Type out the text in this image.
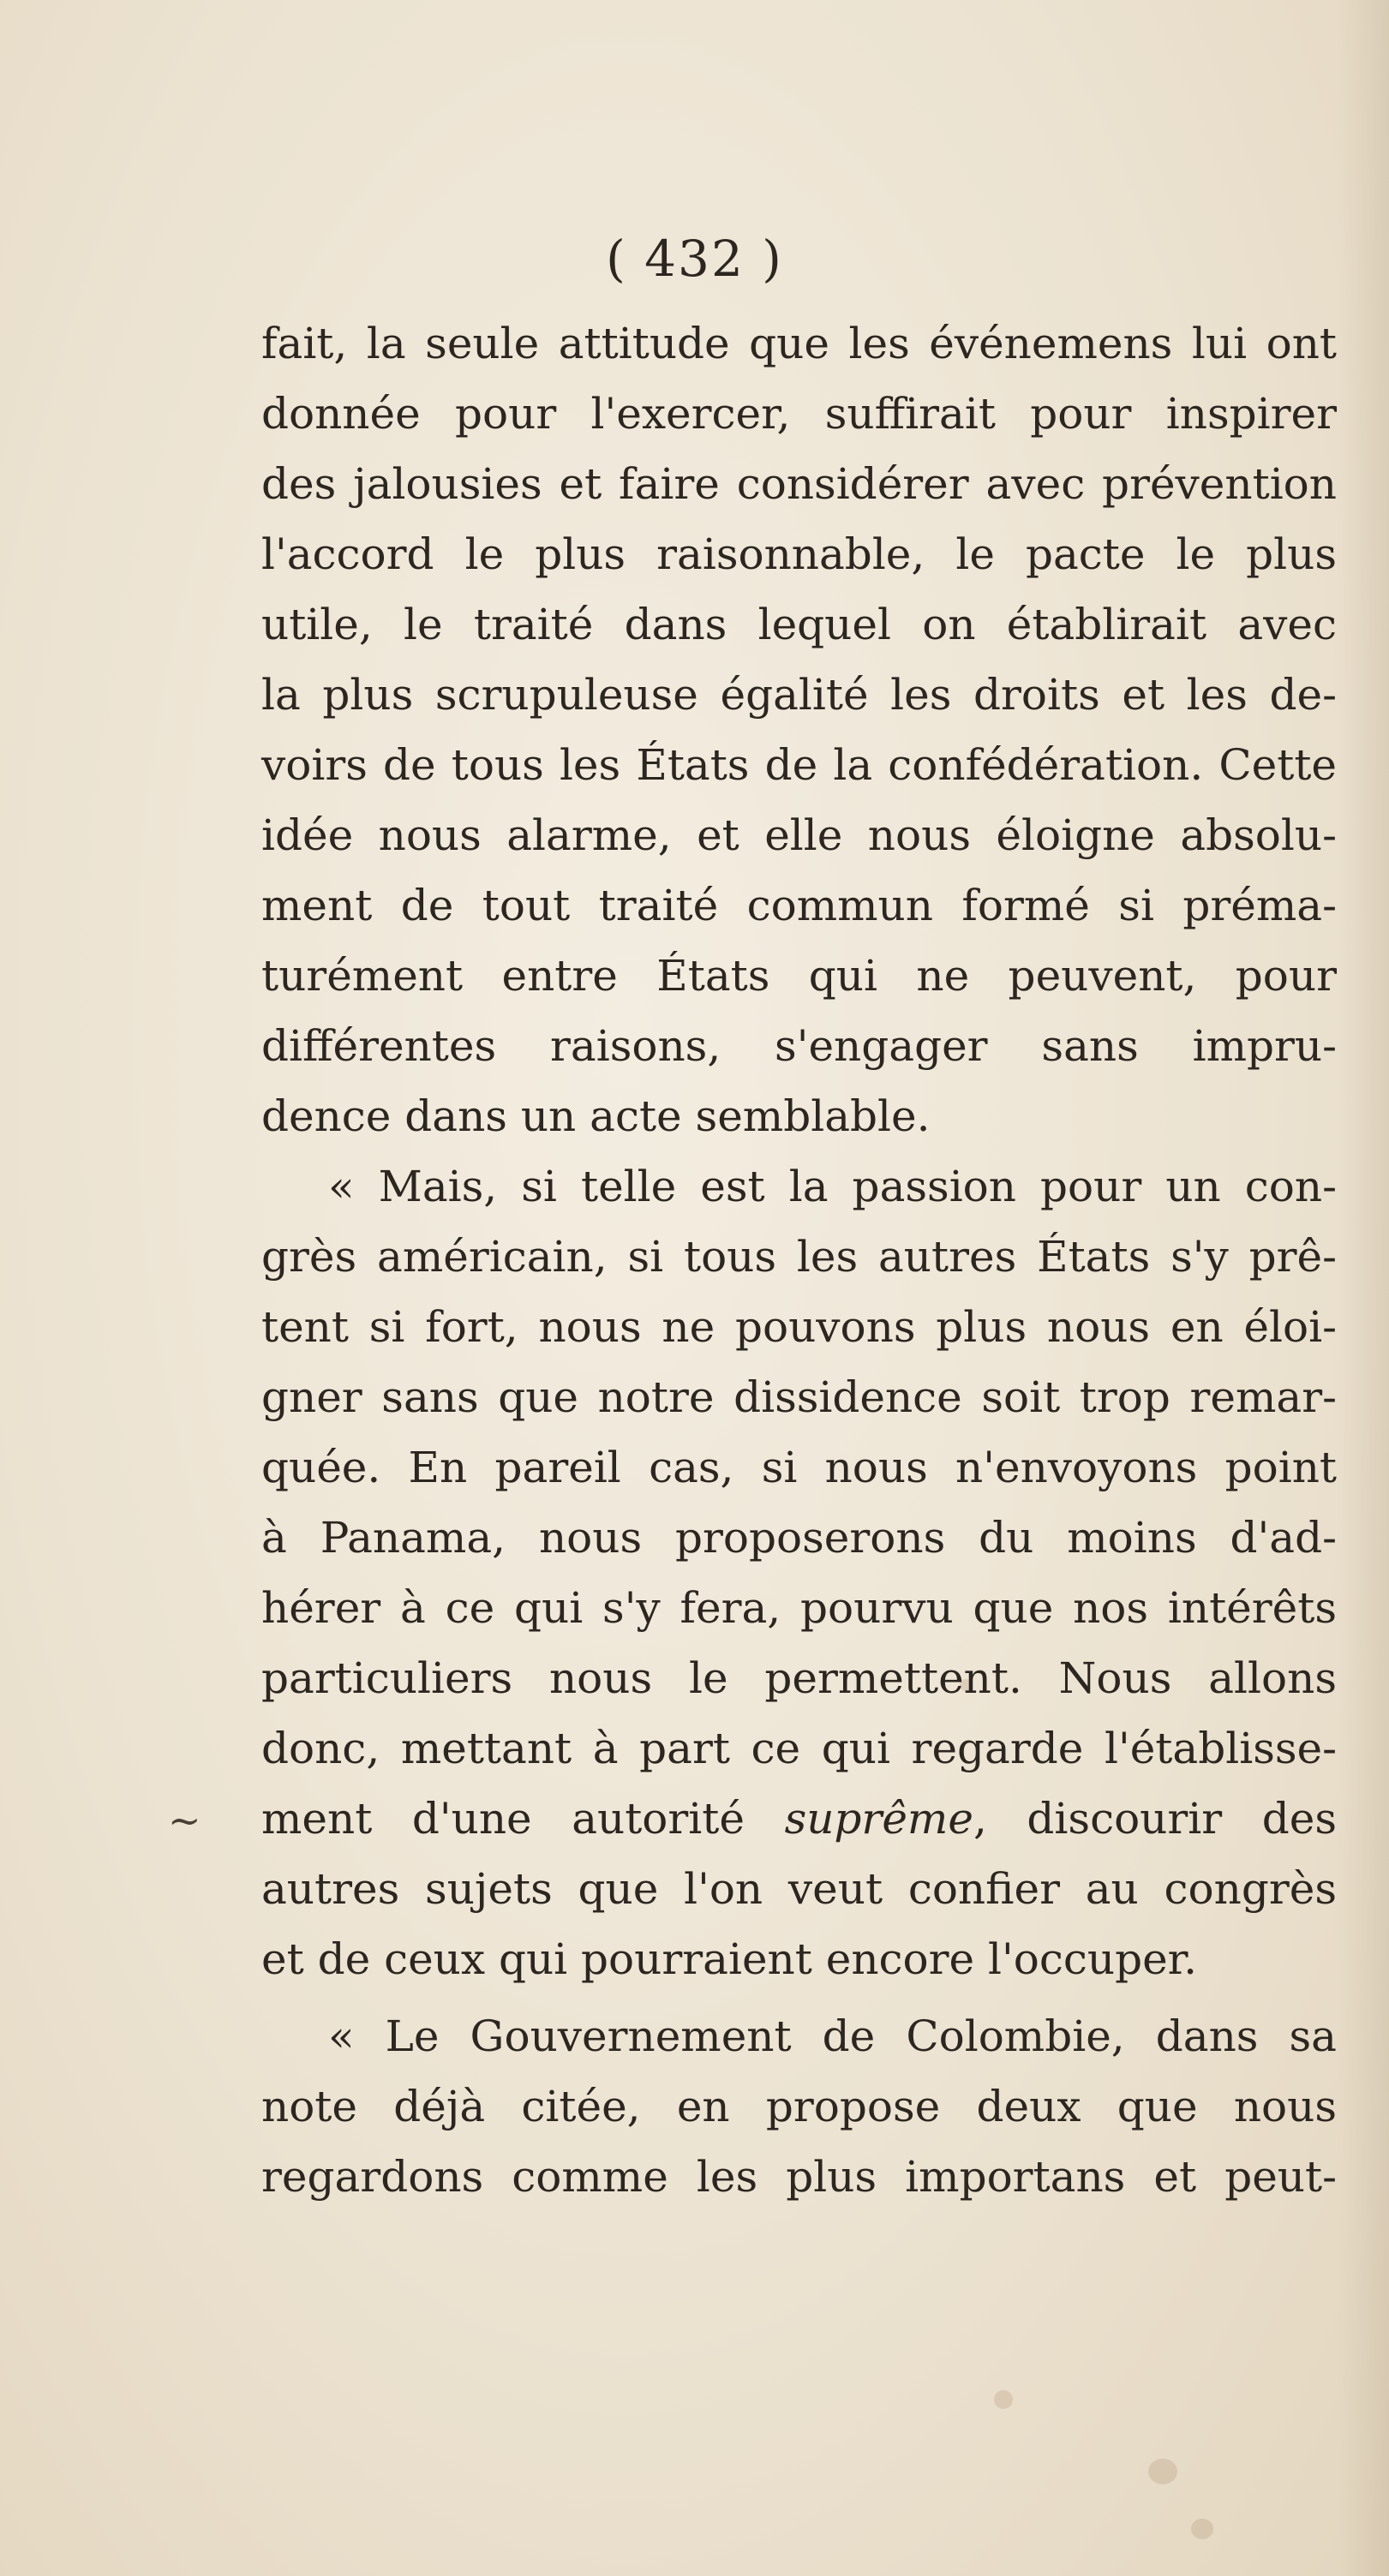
( 432 )
~
fait, la seule attitude que les événemens lui ont
donnée pour l'exercer, suffirait pour inspirer
des jalousies et faire considérer avec prévention
l'accord le plus raisonnable, le pacte le plus
utile, le traité dans lequel on établirait avec
la plus scrupuleuse égalité les droits et les de-
voirs de tous les États de la confédération. Cette
idée nous alarme, et elle nous éloigne absolu-
ment de tout traité commun formé si préma-
turément entre États qui ne peuvent, pour
différentes raisons, s'engager sans impru-
dence dans un acte semblable.
« Mais, si telle est la passion pour un con-
grès américain, si tous les autres États s'y prê-
tent si fort, nous ne pouvons plus nous en éloi-
gner sans que notre dissidence soit trop remar-
quée. En pareil cas, si nous n'envoyons point
à Panama, nous proposerons du moins d'ad-
hérer à ce qui s'y fera, pourvu que nos intérêts
particuliers nous le permettent. Nous allons
donc, mettant à part ce qui regarde l'établisse-
ment d'une autorité suprême, discourir des
autres sujets que l'on veut confier au congrès
et de ceux qui pourraient encore l'occuper.
« Le Gouvernement de Colombie, dans sa
note déjà citée, en propose deux que nous
regardons comme les plus importans et peut-
